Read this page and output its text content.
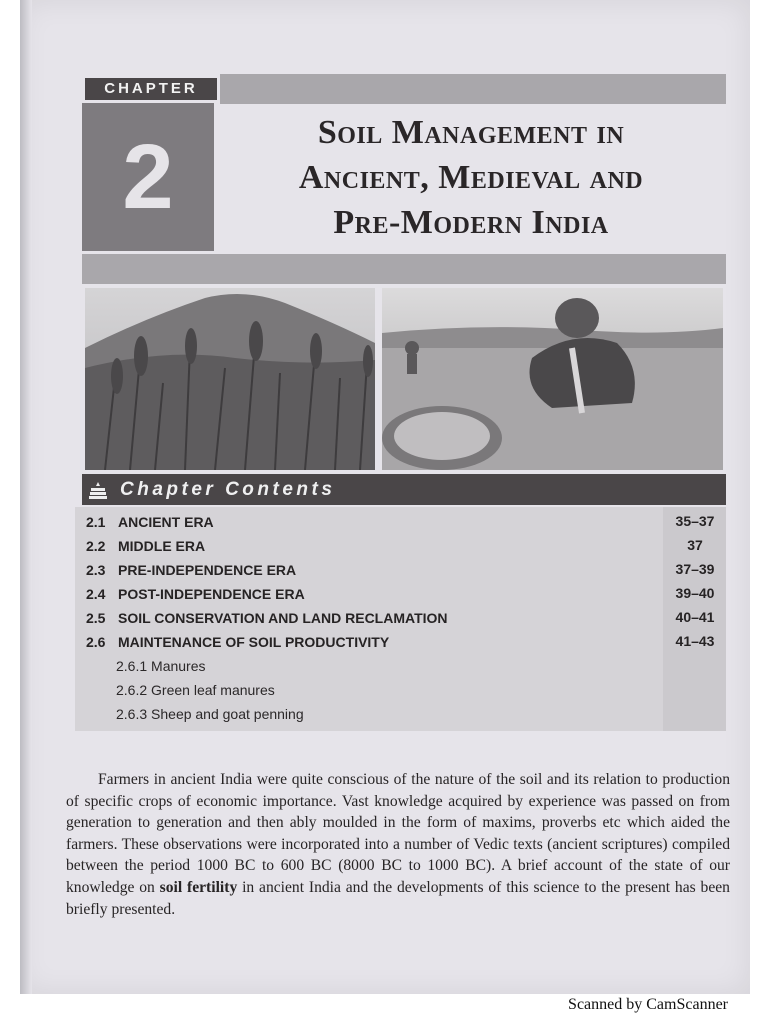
CHAPTER
2	Soil Management in
Ancient, Medieval and
Pre-Modern India
Chapter Contents
2.1 ANCIENT ERA	35–37
2.2 MIDDLE ERA	37
2.3 PRE-INDEPENDENCE ERA	37–39
2.4 POST-INDEPENDENCE ERA	39–40
2.5 SOIL CONSERVATION AND LAND RECLAMATION	40–41
2.6 MAINTENANCE OF SOIL PRODUCTIVITY	41–43
2.6.1 Manures
2.6.2 Green leaf manures
2.6.3 Sheep and goat penning
Farmers in ancient India were quite conscious of the nature of the soil and its relation to production of specific crops of economic importance. Vast knowledge acquired by experience was passed on from generation to generation and then ably moulded in the form of maxims, proverbs etc which aided the farmers. These observations were incorporated into a number of Vedic texts (ancient scriptures) compiled between the period 1000 BC to 600 BC (8000 BC to 1000 BC). A brief account of the state of our knowledge on soil fertility in ancient India and the developments of this science to the present has been briefly presented.
Scanned by CamScanner
